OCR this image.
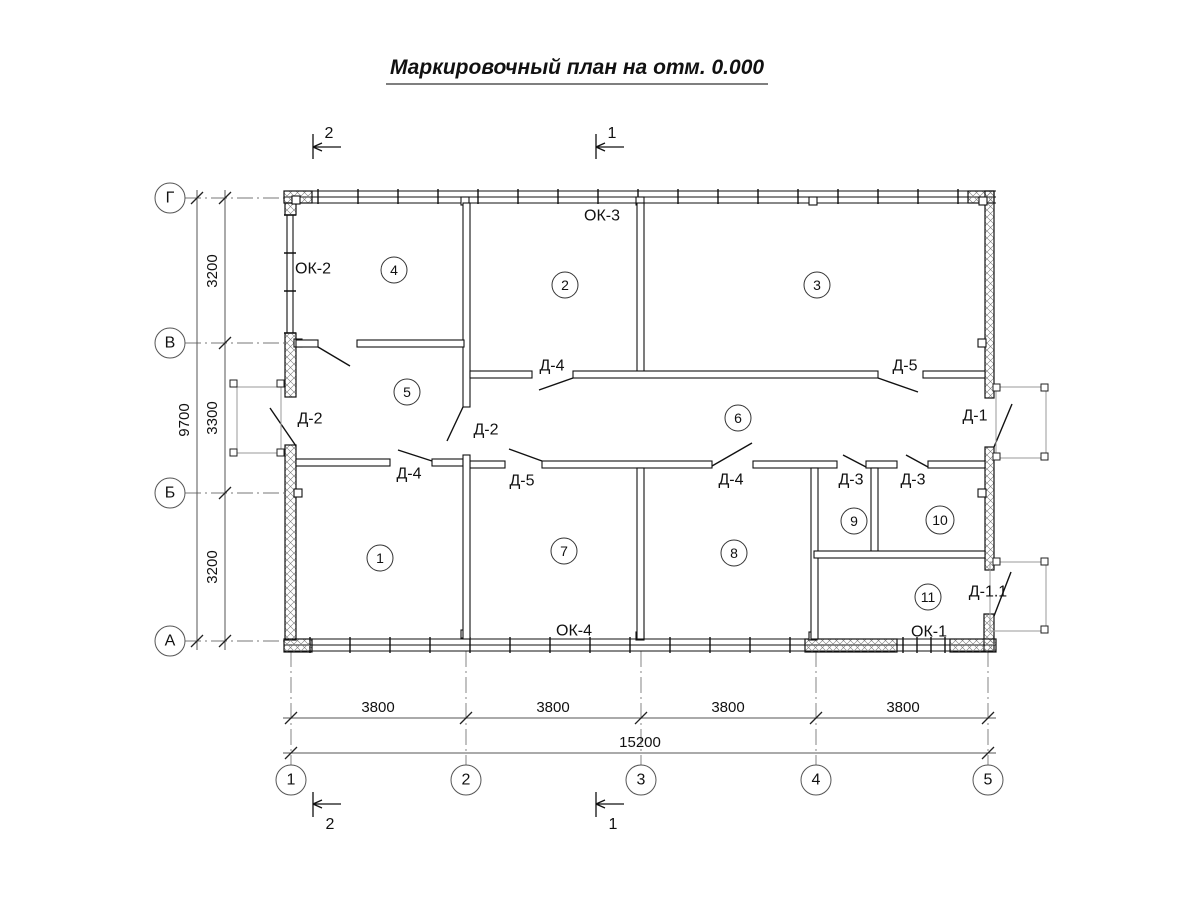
Маркировочный план на отм. 0.000
1
2	3
4
5
6
7	8
9	10
11
ОК-2
ОК-3
ОК-4	ОК-1
Д-2
Д-2
Д-4	Д-5
Д-1
Д-4	Д-5	Д-4	Д-3 Д-3
Д-1.1
3200
3300
3200
9700
3800	3800	3800	3800
15200
Г
В
Б
А
1	2	3	4	5
2	1
2	1
